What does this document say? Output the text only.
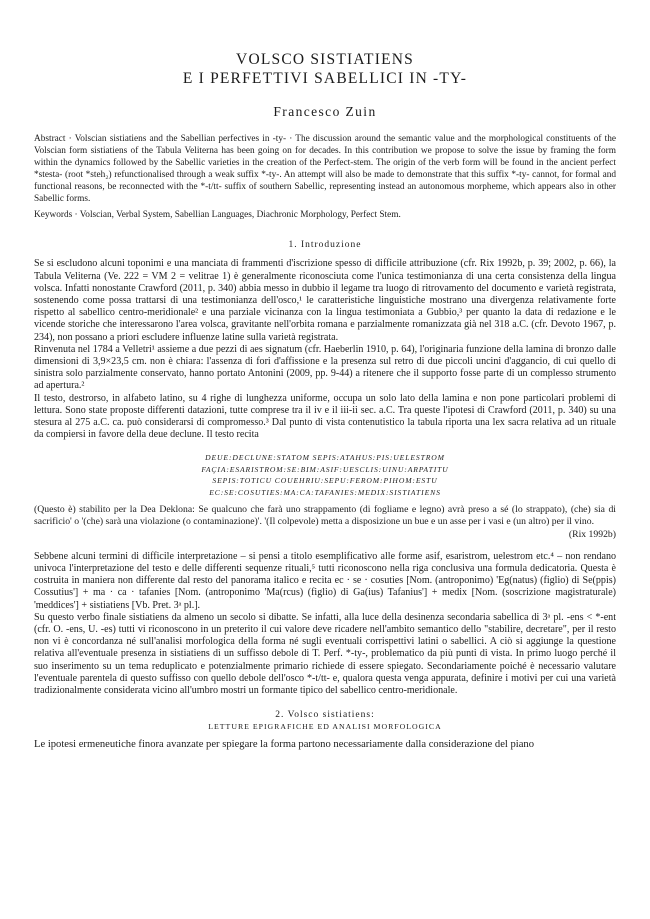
VOLSCO SISTIATIENS
E I PERFETTIVI SABELLICI IN -TY-
Francesco Zuin
Abstract · Volscian sistiatiens and the Sabellian perfectives in -ty- · The discussion around the semantic value and the morphological constituents of the Volscian form sistiatiens of the Tabula Veliterna has been going on for decades. In this contribution we propose to solve the issue by framing the form within the dynamics followed by the Sabellic varieties in the creation of the Perfect-stem. The origin of the verb form will be found in the ancient perfect *stesta- (root *steh₂) refunctionalised through a weak suffix *-ty-. An attempt will also be made to demonstrate that this suffix *-ty- cannot, for formal and functional reasons, be reconnected with the *-t/tt- suffix of southern Sabellic, representing instead an autonomous morpheme, which appears also in other Sabellic forms.
Keywords · Volscian, Verbal System, Sabellian Languages, Diachronic Morphology, Perfect Stem.
1. Introduzione

Se si escludono alcuni toponimi e una manciata di frammenti d'iscrizione spesso di difficile attribuzione (cfr. Rix 1992b, p. 39; 2002, p. 66), la Tabula Veliterna (Ve. 222 = VM 2 = velitrae 1) è generalmente riconosciuta come l'unica testimonianza di una certa consistenza della lingua volsca. Infatti nonostante Crawford (2011, p. 340) abbia messo in dubbio il legame tra luogo di ritrovamento del documento e varietà registrata, sostenendo come possa trattarsi di una testimonianza dell'osco,¹ le caratteristiche linguistiche mostrano una divergenza relativamente forte rispetto al sabellico centro-meridionale² e una parziale vicinanza con la lingua testimoniata a Gubbio,³ per quanto la data di redazione e le vicende storiche che interessarono l'area volsca, gravitante nell'orbita romana e parzialmente romanizzata già nel 318 a.C. (cfr. Devoto 1967, p. 234), non possano a priori escludere influenze latine sulla varietà registrata.

Rinvenuta nel 1784 a Velletri¹ assieme a due pezzi di aes signatum (cfr. Haeberlin 1910, p. 64), l'originaria funzione della lamina di bronzo dalle dimensioni di 3,9×23,5 cm. non è chiara: l'assenza di fori d'affissione e la presenza sul retro di due piccoli uncini d'aggancio, di cui quello di sinistra solo parzialmente conservato, hanno portato Antonini (2009, pp. 9-44) a ritenere che il supporto fosse parte di un complesso strumento ad apertura.²

Il testo, destrorso, in alfabeto latino, su 4 righe di lunghezza uniforme, occupa un solo lato della lamina e non pone particolari problemi di lettura. Sono state proposte differenti datazioni, tutte comprese tra il iv e il iii-ii sec. a.C. Tra queste l'ipotesi di Crawford (2011, p. 340) su una stesura al 275 a.C. ca. può considerarsi di compromesso.³ Dal punto di vista contenutistico la tabula riporta una lex sacra relativa ad un rituale da compiersi in favore della deue declune. Il testo recita

DEUE:DECLUNE:STATOM SEPIS:ATAHUS:PIS:UELESTROM
FAÇIA:ESARISTROM:SE:BIM:ASIF:UESCLIS:UINU:ARPATITU
SEPIS:TOTICU COUEHRIU:SEPU:FEROM:PIHOM:ESTU
EC:SE:COSUTIES:MA:CA:TAFANIES:MEDIX:SISTIATIENS
(Questo è) stabilito per la Dea Deklona: Se qualcuno che farà uno strappamento (di fogliame e legno) avrà preso a sé (lo strappato), (che) sia di sacrificio' o '(che) sarà una violazione (o contaminazione)'. '(Il colpevole) metta a disposizione un bue e un asse per i vasi e (un altro) per il vino.
(Rix 1992b)

Sebbene alcuni termini di difficile interpretazione – si pensi a titolo esemplificativo alle forme asif, esaristrom, uelestrom etc.⁴ – non rendano univoca l'interpretazione del testo e delle differenti sequenze rituali,⁵ tutti riconoscono nella riga conclusiva una formula dedicatoria. Questa è costruita in maniera non differente dal resto del panorama italico e recita ec · se · cosuties [Nom. (antroponimo) 'Eg(natus) (figlio) di Se(ppis) Cossutius'] + ma · ca · tafanies [Nom. (antroponimo 'Ma(rcus) (figlio) di Ga(ius) Tafanius'] + medix [Nom. (soscrizione magistraturale) 'meddices'] + sistiatiens [Vb. Pret. 3ᵃ pl.].

Su questo verbo finale sistiatiens da almeno un secolo si dibatte. Se infatti, alla luce della desinenza secondaria sabellica di 3ᵃ pl. -ens < *-ent (cfr. O. -ens, U. -es) tutti vi riconoscono in un preterito il cui valore deve ricadere nell'ambito semantico dello "stabilire, decretare", per il resto non vi è concordanza né sull'analisi morfologica della forma né sugli eventuali corrispettivi latini o sabellici. A ciò si aggiunge la questione relativa all'eventuale presenza in sistiatiens di un suffisso debole di T. Perf. *-ty-, problematico da più punti di vista. In primo luogo perché il suo inserimento su un tema reduplicato e potenzialmente primario richiede di essere spiegato. Secondariamente poiché è necessario valutare l'eventuale parentela di questo suffisso con quello debole dell'osco *-t/tt- e, qualora questa venga appurata, definire i motivi per cui una varietà tradizionalmente considerata vicino all'umbro mostri un formante tipico del sabellico centro-meridionale.

2. Volsco sistiatiens:
LETTURE EPIGRAFICHE ED ANALISI MORFOLOGICA
Le ipotesi ermeneutiche finora avanzate per spiegare la forma partono necessariamente dalla considerazione del piano
